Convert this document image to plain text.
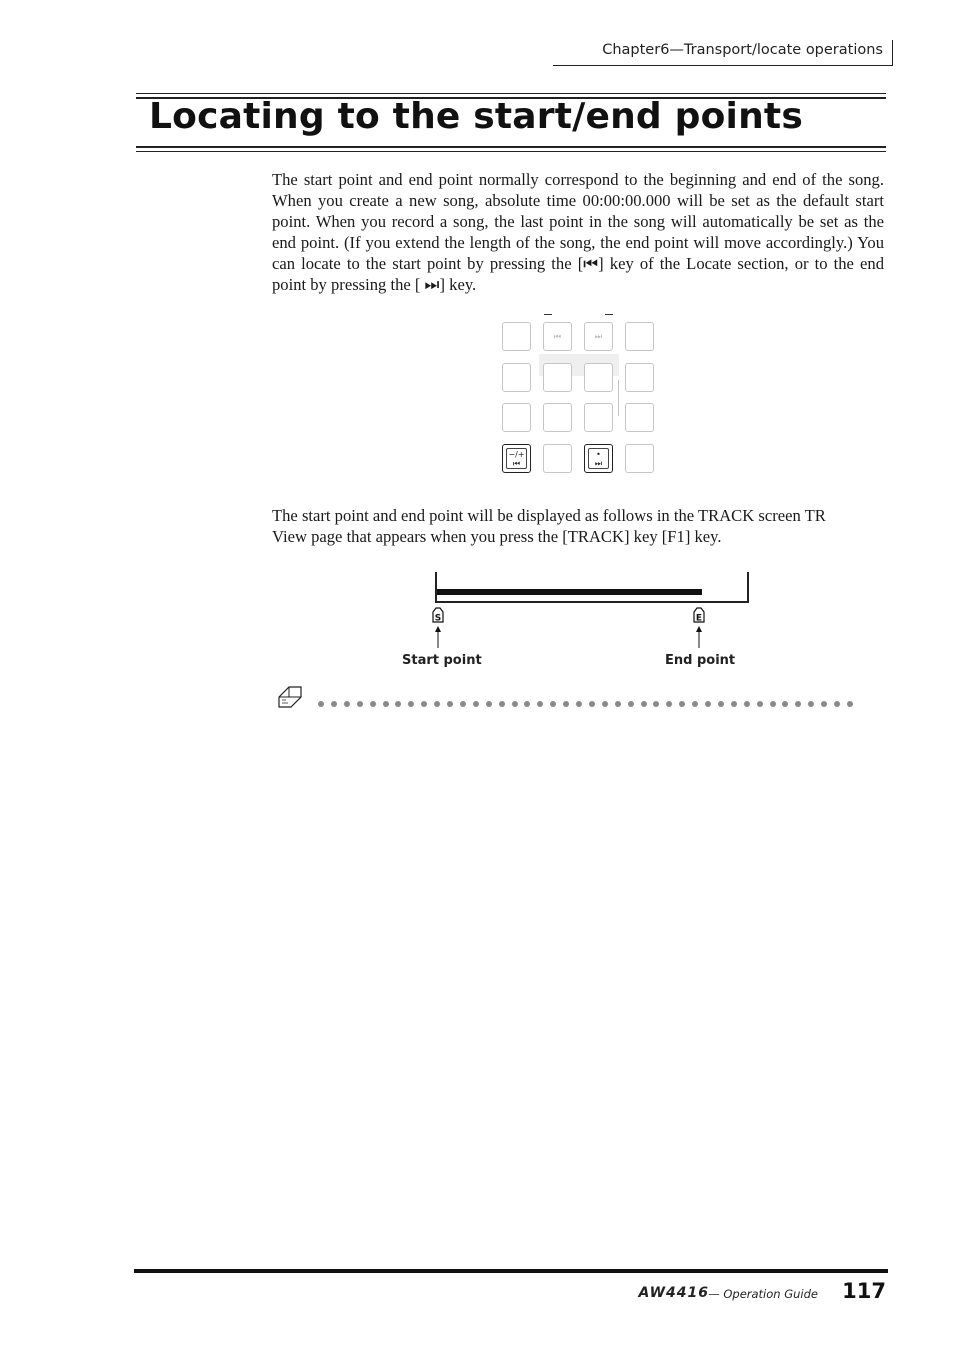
Chapter6—Transport/locate operations
Locating to the start/end points

The start point and end point normally correspond to the beginning and end of the song. When you create a new song, absolute time 00:00:00.000 will be set as the default start point. When you record a song, the last point in the song will automatically be set as the end point. (If you extend the length of the song, the end point will move accordingly.) You can locate to the start point by pressing the [⏮] key of the Locate section, or to the end point by pressing the [ ⏭] key.

⏮	⏭
−/+
⏮
•
⏭

The start point and end point will be displayed as follows in the TRACK screen TR
View page that appears when you press the [TRACK] key [F1] key.

S	E
Start point	End point
AW4416 — Operation Guide 117
